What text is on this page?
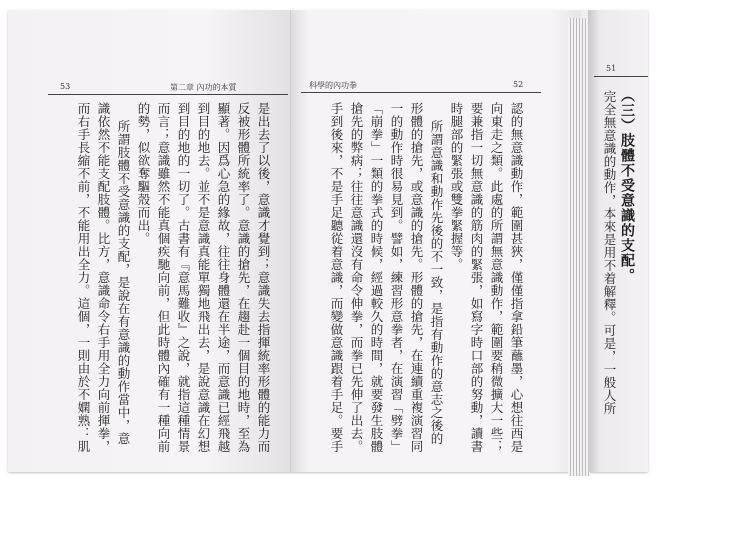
53	第二章 內功的本質
是出去了以後，意識才覺到；意識失去指揮統率形體的能力而
反被形體所統率了。意識的搶先，在趨赴一個目的地時，至為
顯著。因爲心急的緣故，往往身體還在半途，而意識已經飛越
到目的地去。並不是意識真能單獨地飛出去，是說意識在幻想
到目的地的一切了。古書有『意馬難收』之說，就指這種情景
而言；意識雖然不能真個疾馳向前，但此時體內確有一種向前
的勢，似欲奪驅殼而出。
所謂肢體不受意識的支配，是說在有意識的動作當中，意
識依然不能支配肢體。比方，意識命令右手用全力向前揮拳，
而右手長縮不前，不能用出全力。這個，一則由於不嫻熟：肌
52
科學的內功拳
認的無意識動作，範圍甚狹，僅僅指拿鉛筆蘸墨，心想往西是
向東走之類。此處的所謂無意識動作，範圍要稍微擴大一些；
要兼指一切無意識的筋肉的緊張，如寫字時口部的努動，讀書
時腿部的緊張或雙拳緊握等。
所謂意識和動作先後的不一致，是指有動作的意志之後的
形體的搶先，或意識的搶先。形體的搶先，在連續重複演習同
一的動作時很易見到。譬如，練習形意拳者，在演習「劈拳」
「崩拳」一類的拳式的時候，經過較久的時間，就要發生肢體
搶先的弊病；往往意識還沒有命令伸拳，而拳已先伸了出去。
手到後來，不是手足聽從着意識，而變做意識跟着手足。要手
51
（三）肢體不受意識的支配。
完全無意識的動作，本來是用不着解釋。可是，一般人所
